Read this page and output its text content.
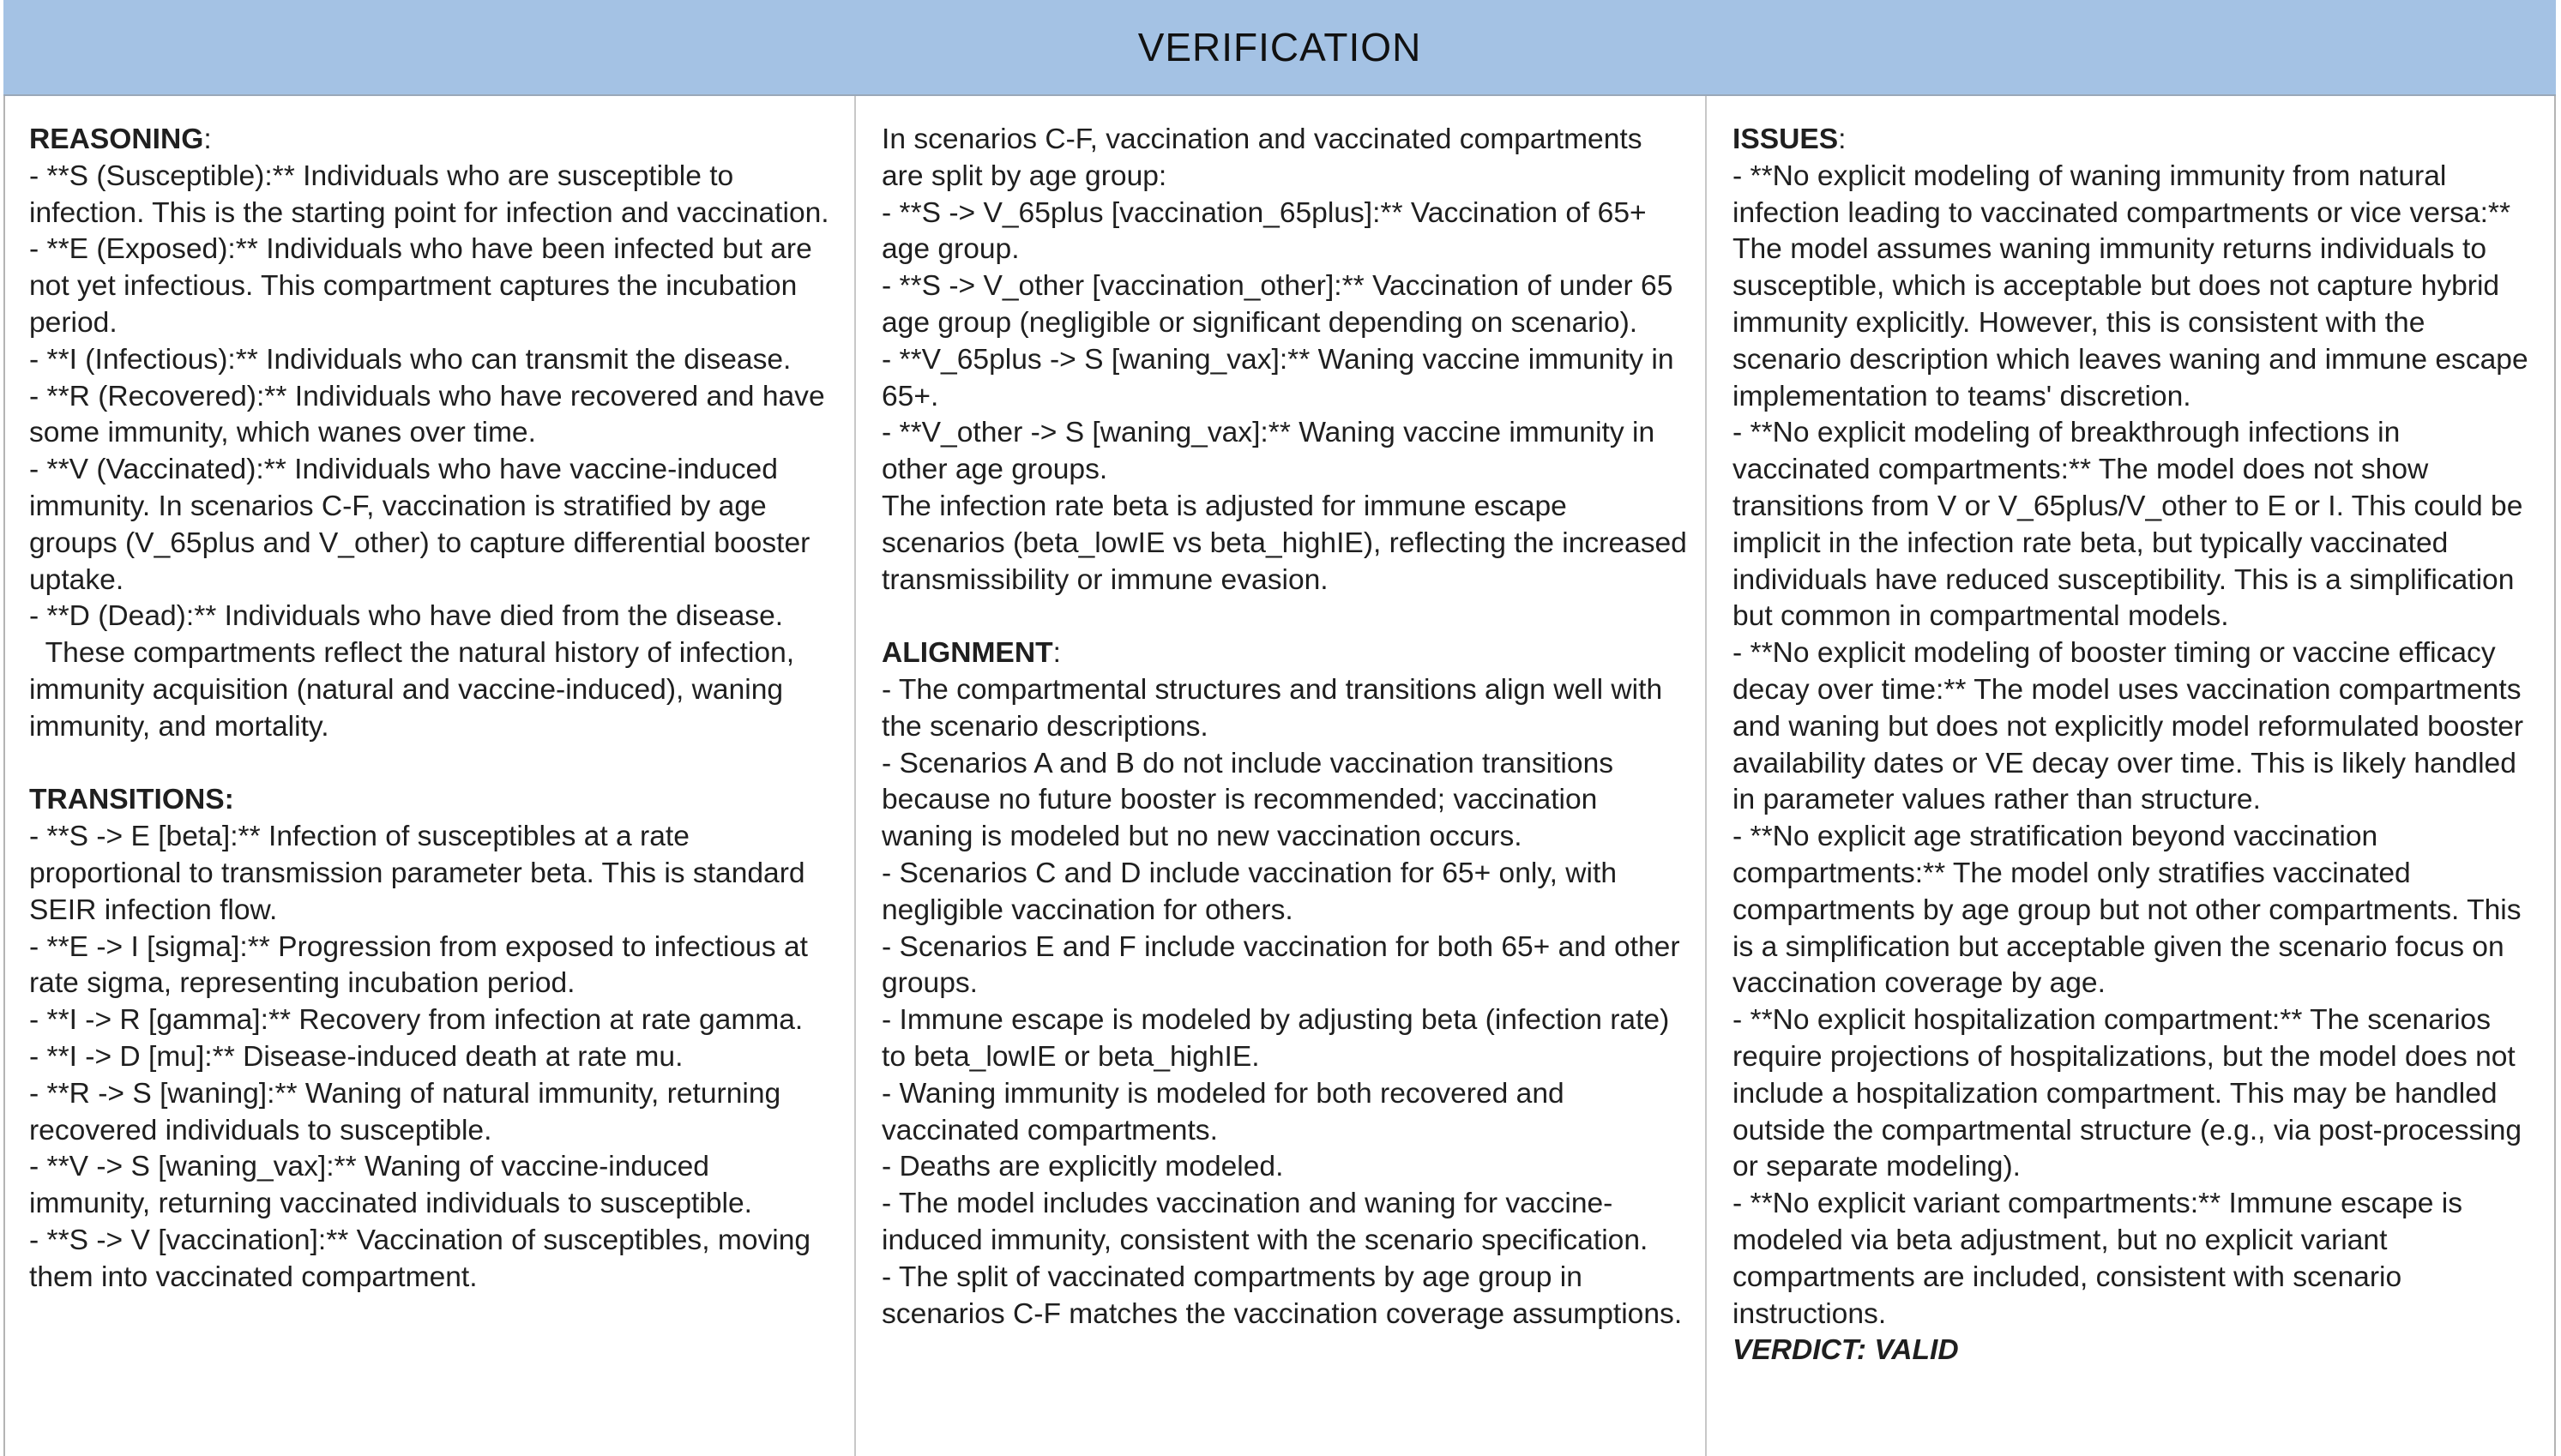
VERIFICATION

REASONING:

- **S (Susceptible):** Individuals who are susceptible to infection. This is the starting point for infection and vaccination.

- **E (Exposed):** Individuals who have been infected but are not yet infectious. This compartment captures the incubation period.

- **I (Infectious):** Individuals who can transmit the disease.

- **R (Recovered):** Individuals who have recovered and have some immunity, which wanes over time.

- **V (Vaccinated):** Individuals who have vaccine-induced immunity. In scenarios C-F, vaccination is stratified by age groups (V_65plus and V_other) to capture differential booster uptake.

- **D (Dead):** Individuals who have died from the disease.

These compartments reflect the natural history of infection, immunity acquisition (natural and vaccine-induced), waning immunity, and mortality.

TRANSITIONS:

- **S -> E [beta]:** Infection of susceptibles at a rate proportional to transmission parameter beta. This is standard SEIR infection flow.

- **E -> I [sigma]:** Progression from exposed to infectious at rate sigma, representing incubation period.

- **I -> R [gamma]:** Recovery from infection at rate gamma.

- **I -> D [mu]:** Disease-induced death at rate mu.

- **R -> S [waning]:** Waning of natural immunity, returning recovered individuals to susceptible.

- **V -> S [waning_vax]:** Waning of vaccine-induced immunity, returning vaccinated individuals to susceptible.

- **S -> V [vaccination]:** Vaccination of susceptibles, moving them into vaccinated compartment.

In scenarios C-F, vaccination and vaccinated compartments are split by age group:

- **S -> V_65plus [vaccination_65plus]:** Vaccination of 65+ age group.

- **S -> V_other [vaccination_other]:** Vaccination of under 65 age group (negligible or significant depending on scenario).

- **V_65plus -> S [waning_vax]:** Waning vaccine immunity in 65+.

- **V_other -> S [waning_vax]:** Waning vaccine immunity in other age groups.

The infection rate beta is adjusted for immune escape scenarios (beta_lowIE vs beta_highIE), reflecting the increased transmissibility or immune evasion.

ALIGNMENT:

- The compartmental structures and transitions align well with the scenario descriptions.

- Scenarios A and B do not include vaccination transitions because no future booster is recommended; vaccination waning is modeled but no new vaccination occurs.

- Scenarios C and D include vaccination for 65+ only, with negligible vaccination for others.

- Scenarios E and F include vaccination for both 65+ and other groups.

- Immune escape is modeled by adjusting beta (infection rate) to beta_lowIE or beta_highIE.

- Waning immunity is modeled for both recovered and vaccinated compartments.

- Deaths are explicitly modeled.

- The model includes vaccination and waning for vaccine-induced immunity, consistent with the scenario specification.

- The split of vaccinated compartments by age group in scenarios C-F matches the vaccination coverage assumptions.

ISSUES:

- **No explicit modeling of waning immunity from natural infection leading to vaccinated compartments or vice versa:** The model assumes waning immunity returns individuals to susceptible, which is acceptable but does not capture hybrid immunity explicitly. However, this is consistent with the scenario description which leaves waning and immune escape implementation to teams' discretion.

- **No explicit modeling of breakthrough infections in vaccinated compartments:** The model does not show transitions from V or V_65plus/V_other to E or I. This could be implicit in the infection rate beta, but typically vaccinated individuals have reduced susceptibility. This is a simplification but common in compartmental models.

- **No explicit modeling of booster timing or vaccine efficacy decay over time:** The model uses vaccination compartments and waning but does not explicitly model reformulated booster availability dates or VE decay over time. This is likely handled in parameter values rather than structure.

- **No explicit age stratification beyond vaccination compartments:** The model only stratifies vaccinated compartments by age group but not other compartments. This is a simplification but acceptable given the scenario focus on vaccination coverage by age.

- **No explicit hospitalization compartment:** The scenarios require projections of hospitalizations, but the model does not include a hospitalization compartment. This may be handled outside the compartmental structure (e.g., via post-processing or separate modeling).

- **No explicit variant compartments:** Immune escape is modeled via beta adjustment, but no explicit variant compartments are included, consistent with scenario instructions.

VERDICT: VALID
